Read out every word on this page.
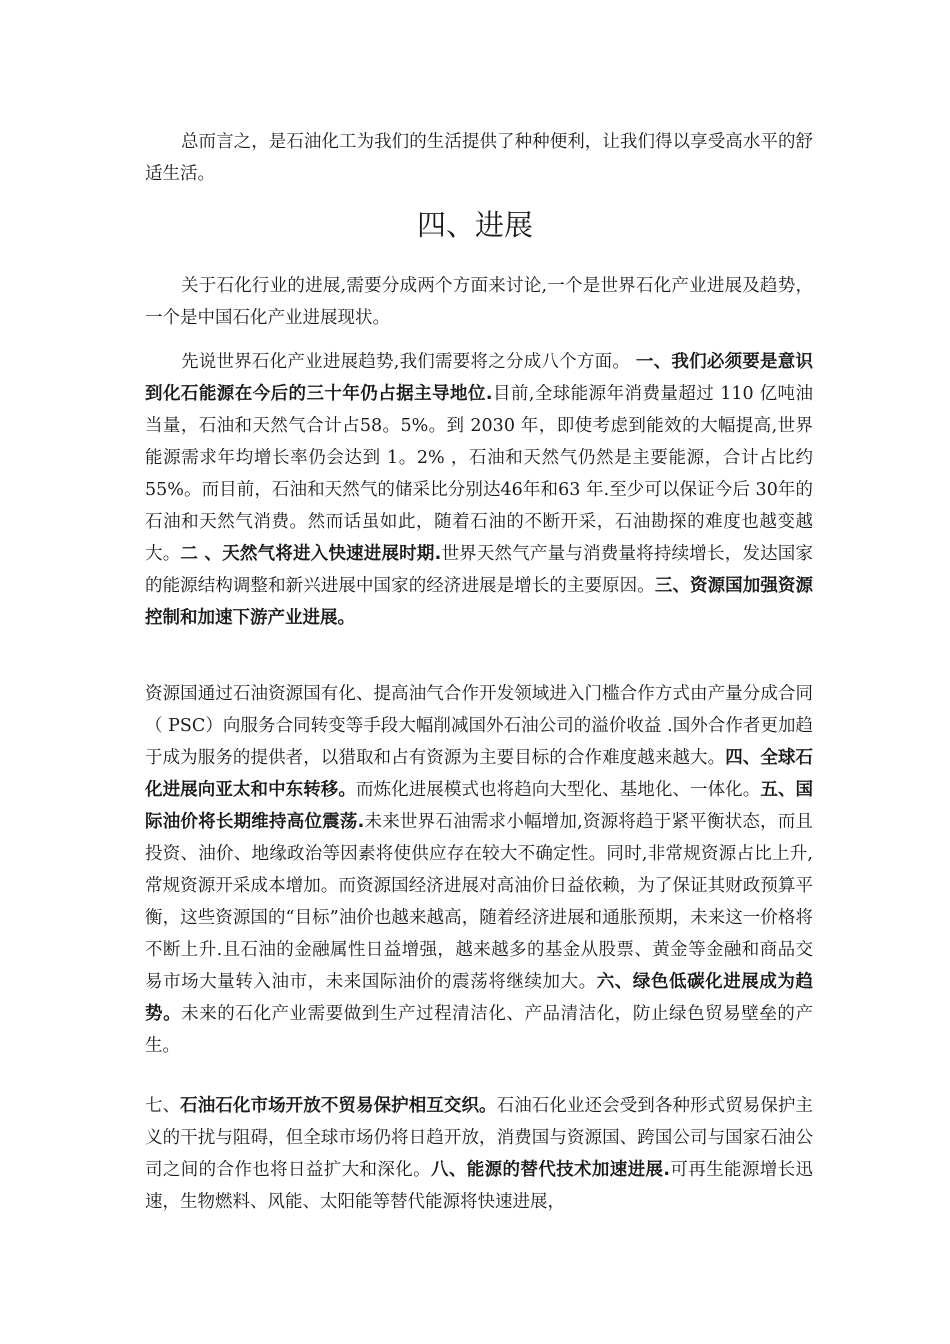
总而言之，是石油化工为我们的生活提供了种种便利，让我们得以享受高水平的舒适生活。

四、进展

关于石化行业的进展,需要分成两个方面来讨论,一个是世界石化产业进展及趋势，一个是中国石化产业进展现状。

先说世界石化产业进展趋势,我们需要将之分成八个方面。 一、我们必须要是意识到化石能源在今后的三十年仍占据主导地位.目前,全球能源年消费量超过 110 亿吨油当量，石油和天然气合计占58。5%。到 2030 年，即使考虑到能效的大幅提高,世界能源需求年均增长率仍会达到 1。2% ，石油和天然气仍然是主要能源，合计占比约 55%。而目前，石油和天然气的储采比分别达46年和63 年.至少可以保证今后 30年的石油和天然气消费。然而话虽如此，随着石油的不断开采，石油勘探的难度也越变越大。二 、天然气将进入快速进展时期.世界天然气产量与消费量将持续增长，发达国家的能源结构调整和新兴进展中国家的经济进展是增长的主要原因。三、资源国加强资源控制和加速下游产业进展。

资源国通过石油资源国有化、提高油气合作开发领域进入门槛合作方式由产量分成合同（ PSC）向服务合同转变等手段大幅削减国外石油公司的溢价收益 .国外合作者更加趋于成为服务的提供者，以猎取和占有资源为主要目标的合作难度越来越大。四、全球石化进展向亚太和中东转移。而炼化进展模式也将趋向大型化、基地化、一体化。五、国际油价将长期维持高位震荡.未来世界石油需求小幅增加,资源将趋于紧平衡状态，而且投资、油价、地缘政治等因素将使供应存在较大不确定性。同时,非常规资源占比上升,常规资源开采成本增加。而资源国经济进展对高油价日益依赖，为了保证其财政预算平衡，这些资源国的“目标”油价也越来越高，随着经济进展和通胀预期，未来这一价格将不断上升.且石油的金融属性日益增强，越来越多的基金从股票、黄金等金融和商品交易市场大量转入油市，未来国际油价的震荡将继续加大。六、绿色低碳化进展成为趋势。未来的石化产业需要做到生产过程清洁化、产品清洁化，防止绿色贸易壁垒的产生。

七、石油石化市场开放不贸易保护相互交织。石油石化业还会受到各种形式贸易保护主义的干扰与阻碍，但全球市场仍将日趋开放，消费国与资源国、跨国公司与国家石油公司之间的合作也将日益扩大和深化。八、能源的替代技术加速进展.可再生能源增长迅速，生物燃料、风能、太阳能等替代能源将快速进展，
